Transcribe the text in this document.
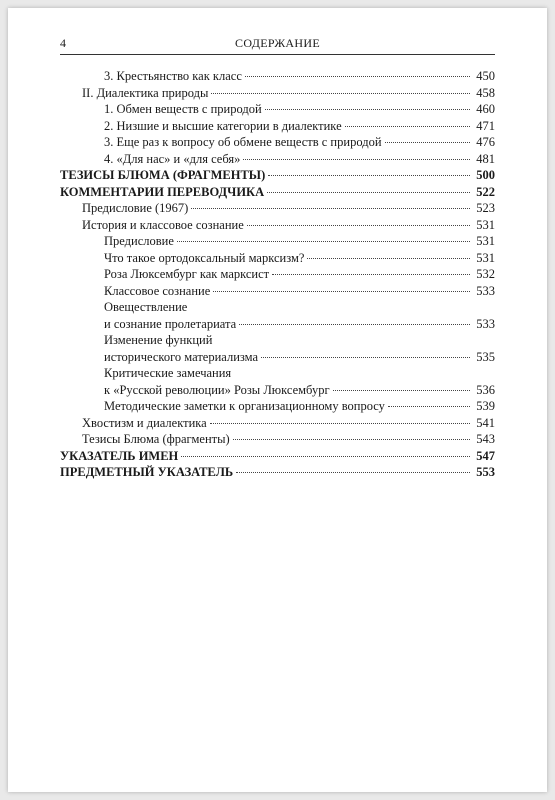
4	СОДЕРЖАНИЕ
3. Крестьянство как класс	450
II. Диалектика природы	458
1. Обмен веществ с природой	460
2. Низшие и высшие категории в диалектике	471
3. Еще раз к вопросу об обмене веществ с природой	476
4. «Для нас» и «для себя»	481
ТЕЗИСЫ БЛЮМА (ФРАГМЕНТЫ)	500
КОММЕНТАРИИ ПЕРЕВОДЧИКА	522
Предисловие (1967)	523
История и классовое сознание	531
Предисловие	531
Что такое ортодоксальный марксизм?	531
Роза Люксембург как марксист	532
Классовое сознание	533
Овеществление
и сознание пролетариата	533
Изменение функций
исторического материализма	535
Критические замечания
к «Русской революции» Розы Люксембург	536
Методические заметки к организационному вопросу	539
Хвостизм и диалектика	541
Тезисы Блюма (фрагменты)	543
УКАЗАТЕЛЬ ИМЕН	547
ПРЕДМЕТНЫЙ УКАЗАТЕЛЬ	553
